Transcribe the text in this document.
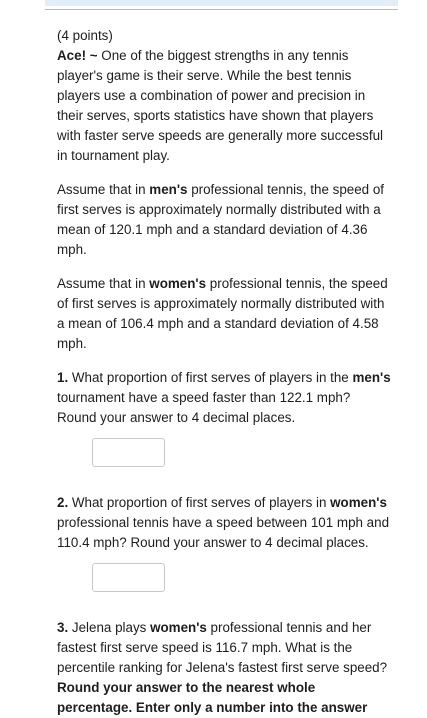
(4 points)

Ace! ~ One of the biggest strengths in any tennis player's game is their serve. While the best tennis players use a combination of power and precision in their serves, sports statistics have shown that players with faster serve speeds are generally more successful in tournament play.

Assume that in men's professional tennis, the speed of first serves is approximately normally distributed with a mean of 120.1 mph and a standard deviation of 4.36 mph.

Assume that in women's professional tennis, the speed of first serves is approximately normally distributed with a mean of 106.4 mph and a standard deviation of 4.58 mph.

1. What proportion of first serves of players in the men's tournament have a speed faster than 122.1 mph? Round your answer to 4 decimal places.

2. What proportion of first serves of players in women's professional tennis have a speed between 101 mph and 110.4 mph? Round your answer to 4 decimal places.

3. Jelena plays women's professional tennis and her fastest first serve speed is 116.7 mph. What is the percentile ranking for Jelena's fastest first serve speed?

Round your answer to the nearest whole percentage. Enter only a number into the answer
